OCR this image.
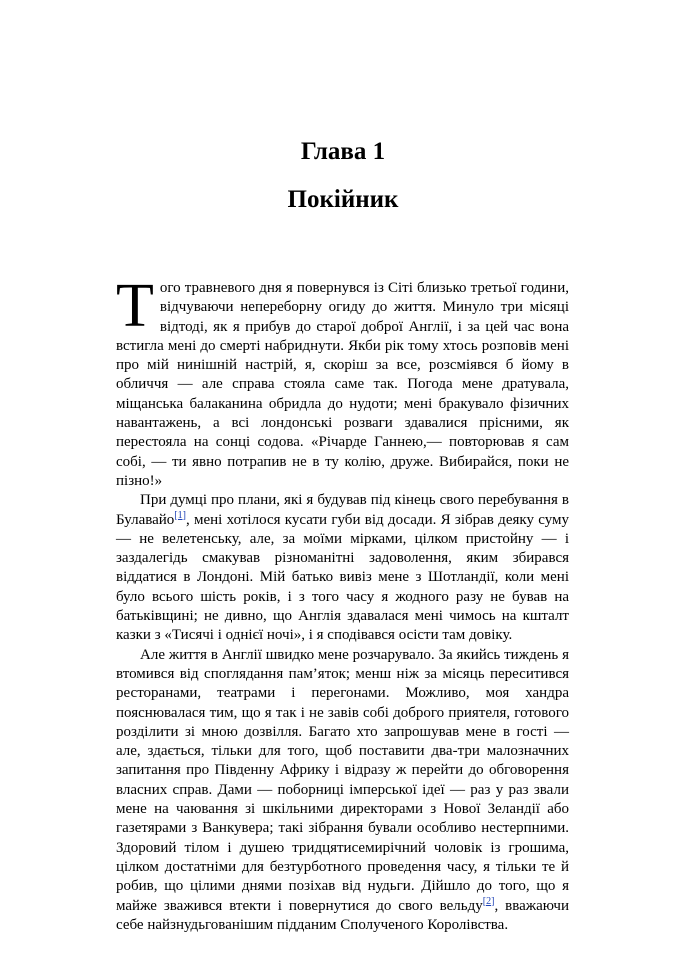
Глава 1
Покійник

Того травневого дня я повернувся із Сіті близько третьої години, відчуваючи непереборну огиду до життя. Минуло три місяці відтоді, як я прибув до старої доброї Англії, і за цей час вона встигла мені до смерті набриднути. Якби рік тому хтось розповів мені про мій нинішній настрій, я, скоріш за все, розсміявся б йому в обличчя — але справа стояла саме так. Погода мене дратувала, міщанська балаканина обридла до нудоти; мені бракувало фізичних навантажень, а всі лондонські розваги здавалися прісними, як перестояла на сонці содова. «Річарде Ганнею,— повторював я сам собі, — ти явно потрапив не в ту колію, друже. Вибирайся, поки не пізно!»

При думці про плани, які я будував під кінець свого перебування в Булавайо[1], мені хотілося кусати губи від досади. Я зібрав деяку суму — не велетенську, але, за моїми мірками, цілком пристойну — і заздалегідь смакував різноманітні задоволення, яким збирався віддатися в Лондоні. Мій батько вивіз мене з Шотландії, коли мені було всього шість років, і з того часу я жодного разу не бував на батьківщині; не дивно, що Англія здавалася мені чимось на кшталт казки з «Тисячі і однієї ночі», і я сподівався осісти там довіку.

Але життя в Англії швидко мене розчарувало. За якийсь тиждень я втомився від споглядання пам’яток; менш ніж за місяць переситився ресторанами, театрами і перегонами. Можливо, моя хандра пояснювалася тим, що я так і не завів собі доброго приятеля, готового розділити зі мною дозвілля. Багато хто запрошував мене в гості — але, здається, тільки для того, щоб поставити два-три малозначних запитання про Південну Африку і відразу ж перейти до обговорення власних справ. Дами — поборниці імперської ідеї — раз у раз звали мене на чаювання зі шкільними директорами з Нової Зеландії або газетярами з Ванкувера; такі зібрання бували особливо нестерпними. Здоровий тілом і душею тридцятисемирічний чоловік із грошима, цілком достатніми для безтурботного проведення часу, я тільки те й робив, що цілими днями позіхав від нудьги. Дійшло до того, що я майже зважився втекти і повернутися до свого вельду[2], вважаючи себе найзнудьгованішим підданим Сполученого Королівства.
